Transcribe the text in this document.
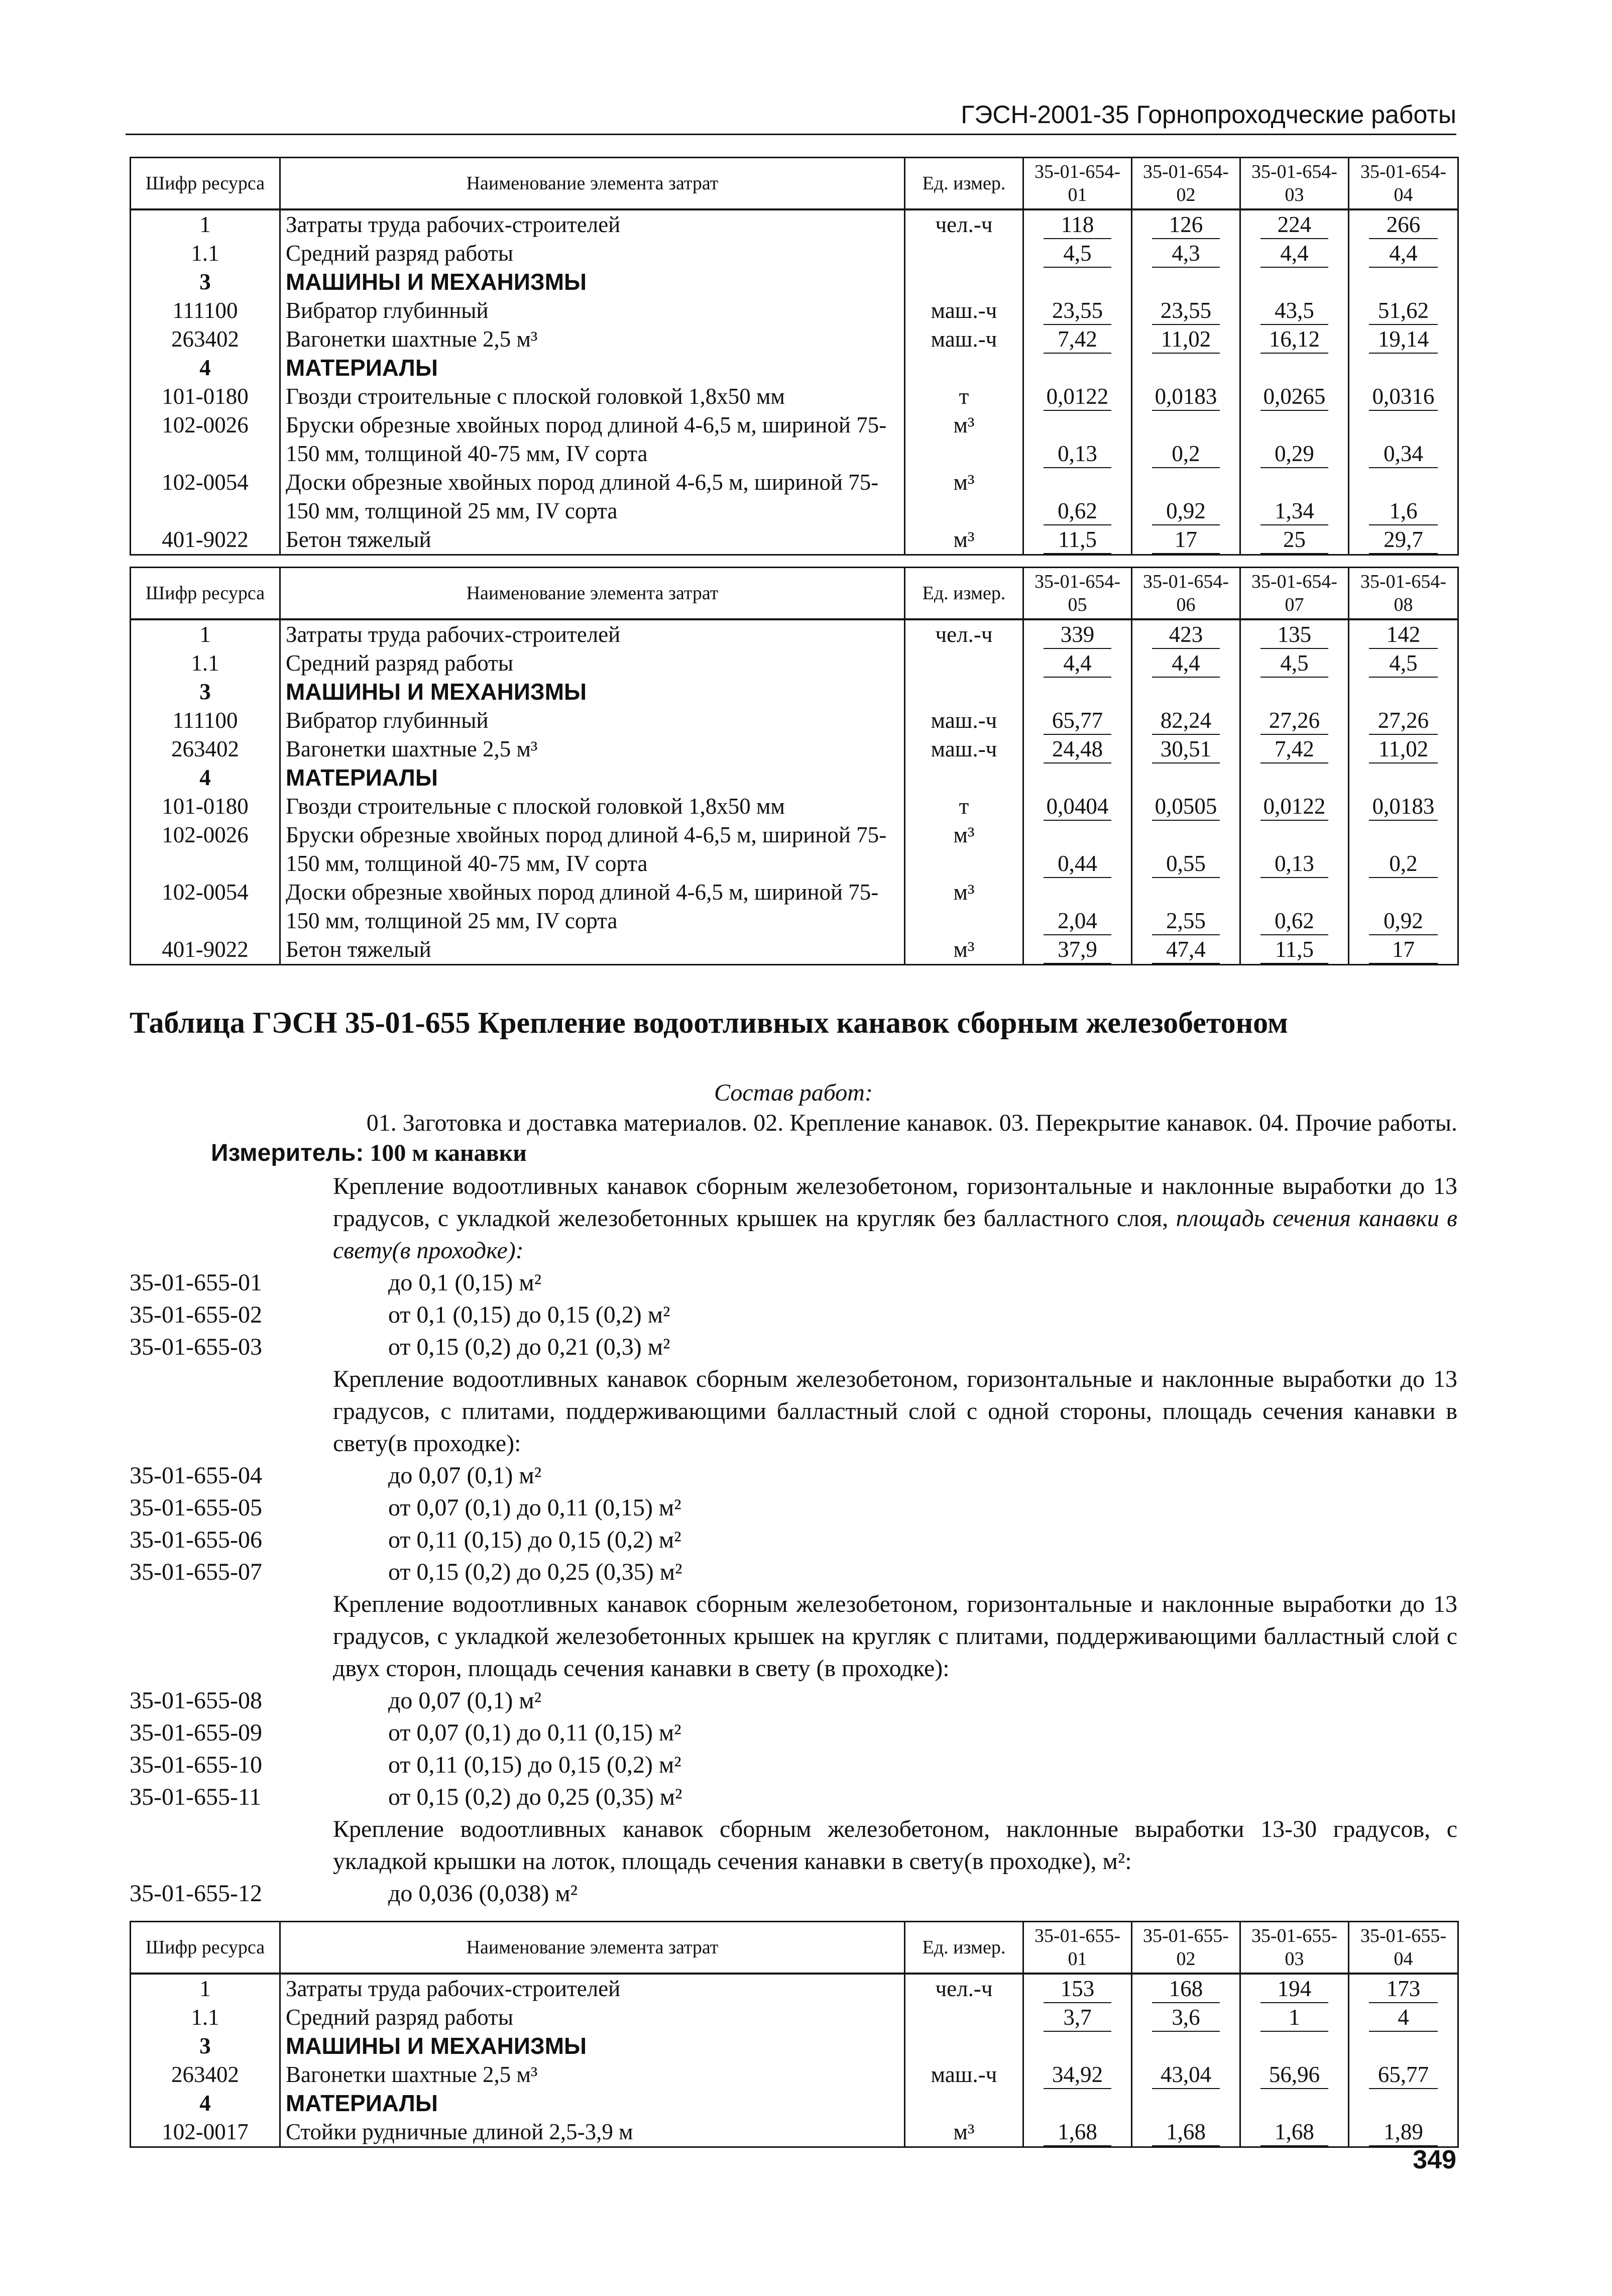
ГЭСН-2001-35 Горнопроходческие работы
Шифр ресурса	Наименование элемента затрат	Ед. измер.	35-01-654-01	35-01-654-02	35-01-654-03	35-01-654-04
1	Затраты труда рабочих-строителей	чел.-ч	118	126	224	266
1.1	Средний разряд работы		4,5	4,3	4,4	4,4
3	МАШИНЫ И МЕХАНИЗМЫ					
111100	Вибратор глубинный	маш.-ч	23,55	23,55	43,5	51,62
263402	Вагонетки шахтные 2,5 м³	маш.-ч	7,42	11,02	16,12	19,14
4	МАТЕРИАЛЫ					
101-0180	Гвозди строительные с плоской головкой 1,8х50 мм	т	0,0122	0,0183	0,0265	0,0316
102-0026	Бруски обрезные хвойных пород длиной 4-6,5 м, шириной 75-150 мм, толщиной 40-75 мм, IV сорта	м³	0,13	0,2	0,29	0,34
102-0054	Доски обрезные хвойных пород длиной 4-6,5 м, шириной 75-150 мм, толщиной 25 мм, IV сорта	м³	0,62	0,92	1,34	1,6
401-9022	Бетон тяжелый	м³	11,5	17	25	29,7
Шифр ресурса	Наименование элемента затрат	Ед. измер.	35-01-654-05	35-01-654-06	35-01-654-07	35-01-654-08
1	Затраты труда рабочих-строителей	чел.-ч	339	423	135	142
1.1	Средний разряд работы		4,4	4,4	4,5	4,5
3	МАШИНЫ И МЕХАНИЗМЫ					
111100	Вибратор глубинный	маш.-ч	65,77	82,24	27,26	27,26
263402	Вагонетки шахтные 2,5 м³	маш.-ч	24,48	30,51	7,42	11,02
4	МАТЕРИАЛЫ					
101-0180	Гвозди строительные с плоской головкой 1,8х50 мм	т	0,0404	0,0505	0,0122	0,0183
102-0026	Бруски обрезные хвойных пород длиной 4-6,5 м, шириной 75-150 мм, толщиной 40-75 мм, IV сорта	м³	0,44	0,55	0,13	0,2
102-0054	Доски обрезные хвойных пород длиной 4-6,5 м, шириной 75-150 мм, толщиной 25 мм, IV сорта	м³	2,04	2,55	0,62	0,92
401-9022	Бетон тяжелый	м³	37,9	47,4	11,5	17
Таблица ГЭСН 35-01-655 Крепление водоотливных канавок сборным железобетоном
Состав работ:
01. Заготовка и доставка материалов. 02. Крепление канавок. 03. Перекрытие канавок. 04. Прочие работы.
Измеритель: 100 м канавки
Крепление водоотливных канавок сборным железобетоном, горизонтальные и наклонные выработки до 13 градусов, с укладкой железобетонных крышек на кругляк без балластного слоя, площадь сечения канавки в свету(в проходке):
35-01-655-01	до 0,1 (0,15) м²
35-01-655-02	от 0,1 (0,15) до 0,15 (0,2) м²
35-01-655-03	от 0,15 (0,2) до 0,21 (0,3) м²
Крепление водоотливных канавок сборным железобетоном, горизонтальные и наклонные выработки до 13 градусов, с плитами, поддерживающими балластный слой с одной стороны, площадь сечения канавки в свету(в проходке):
35-01-655-04	до 0,07 (0,1) м²
35-01-655-05	от 0,07 (0,1) до 0,11 (0,15) м²
35-01-655-06	от 0,11 (0,15) до 0,15 (0,2) м²
35-01-655-07	от 0,15 (0,2) до 0,25 (0,35) м²
Крепление водоотливных канавок сборным железобетоном, горизонтальные и наклонные выработки до 13 градусов, с укладкой железобетонных крышек на кругляк с плитами, поддерживающими балластный слой с двух сторон, площадь сечения канавки в свету (в проходке):
35-01-655-08	до 0,07 (0,1) м²
35-01-655-09	от 0,07 (0,1) до 0,11 (0,15) м²
35-01-655-10	от 0,11 (0,15) до 0,15 (0,2) м²
35-01-655-11	от 0,15 (0,2) до 0,25 (0,35) м²
Крепление водоотливных канавок сборным железобетоном, наклонные выработки 13-30 градусов, с укладкой крышки на лоток, площадь сечения канавки в свету(в проходке), м²:
35-01-655-12	до 0,036 (0,038) м²
Шифр ресурса	Наименование элемента затрат	Ед. измер.	35-01-655-01	35-01-655-02	35-01-655-03	35-01-655-04
1	Затраты труда рабочих-строителей	чел.-ч	153	168	194	173
1.1	Средний разряд работы		3,7	3,6	1	4
3	МАШИНЫ И МЕХАНИЗМЫ					
263402	Вагонетки шахтные 2,5 м³	маш.-ч	34,92	43,04	56,96	65,77
4	МАТЕРИАЛЫ					
102-0017	Стойки рудничные длиной 2,5-3,9 м	м³	1,68	1,68	1,68	1,89
349
